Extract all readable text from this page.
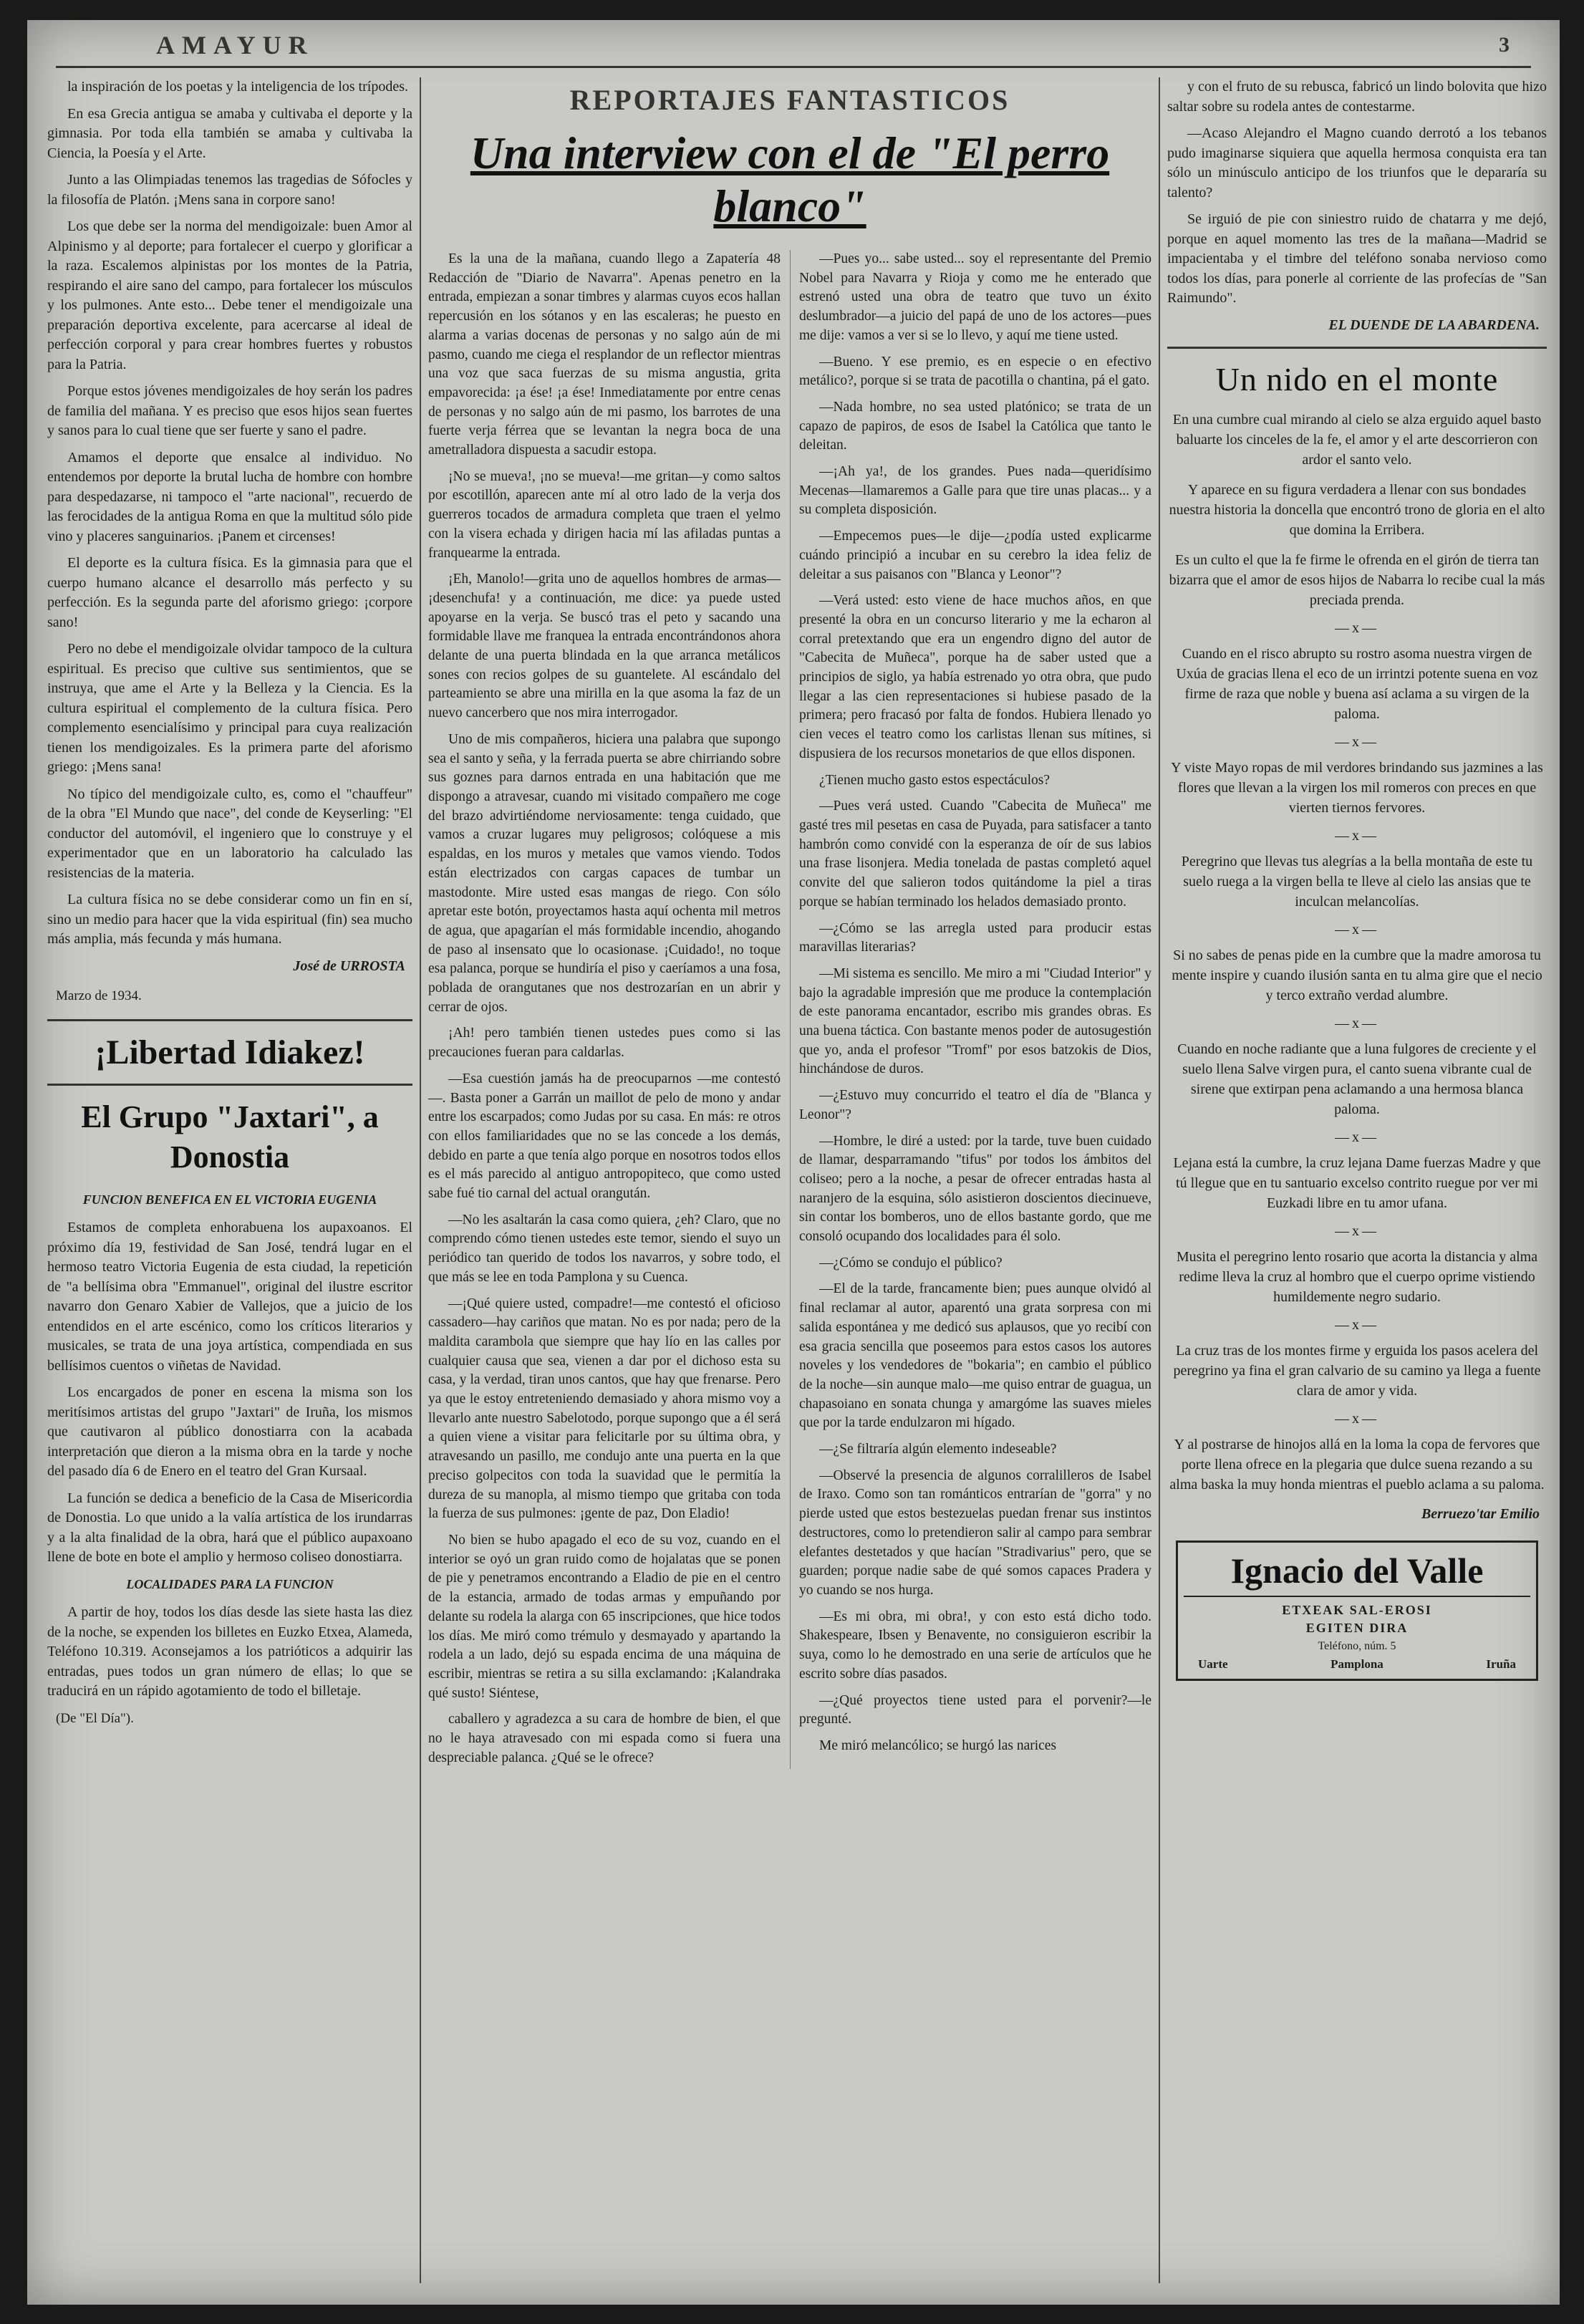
AMAYUR	3

la inspiración de los poetas y la inteligencia de los trípodes.

En esa Grecia antigua se amaba y cultivaba el deporte y la gimnasia. Por toda ella también se amaba y cultivaba la Ciencia, la Poesía y el Arte.

Junto a las Olimpiadas tenemos las tragedias de Sófocles y la filosofía de Platón. ¡Mens sana in corpore sano!

Los que debe ser la norma del mendigoizale: buen Amor al Alpinismo y al deporte; para fortalecer el cuerpo y glorificar a la raza. Escalemos alpinistas por los montes de la Patria, respirando el aire sano del campo, para fortalecer los músculos y los pulmones. Ante esto... Debe tener el mendigoizale una preparación deportiva excelente, para acercarse al ideal de perfección corporal y para crear hombres fuertes y robustos para la Patria.

Porque estos jóvenes mendigoizales de hoy serán los padres de familia del mañana. Y es preciso que esos hijos sean fuertes y sanos para lo cual tiene que ser fuerte y sano el padre.

Amamos el deporte que ensalce al individuo. No entendemos por deporte la brutal lucha de hombre con hombre para despedazarse, ni tampoco el "arte nacional", recuerdo de las ferocidades de la antigua Roma en que la multitud sólo pide vino y placeres sanguinarios. ¡Panem et circenses!

El deporte es la cultura física. Es la gimnasia para que el cuerpo humano alcance el desarrollo más perfecto y su perfección. Es la segunda parte del aforismo griego: ¡corpore sano!

Pero no debe el mendigoizale olvidar tampoco de la cultura espiritual. Es preciso que cultive sus sentimientos, que se instruya, que ame el Arte y la Belleza y la Ciencia. Es la cultura espiritual el complemento de la cultura física. Pero complemento esencialísimo y principal para cuya realización tienen los mendigoizales. Es la primera parte del aforismo griego: ¡Mens sana!

No típico del mendigoizale culto, es, como el "chauffeur" de la obra "El Mundo que nace", del conde de Keyserling: "El conductor del automóvil, el ingeniero que lo construye y el experimentador que en un laboratorio ha calculado las resistencias de la materia.

La cultura física no se debe considerar como un fin en sí, sino un medio para hacer que la vida espiritual (fin) sea mucho más amplia, más fecunda y más humana.

José de URROSTA

Marzo de 1934.

¡Libertad Idiakez!
El Grupo "Jaxtari", a Donostia

FUNCION BENEFICA EN EL VICTORIA EUGENIA

Estamos de completa enhorabuena los aupaxoanos. El próximo día 19, festividad de San José, tendrá lugar en el hermoso teatro Victoria Eugenia de esta ciudad, la repetición de "a bellísima obra "Emmanuel", original del ilustre escritor navarro don Genaro Xabier de Vallejos, que a juicio de los entendidos en el arte escénico, como los críticos literarios y musicales, se trata de una joya artística, compendiada en sus bellísimos cuentos o viñetas de Navidad.

Los encargados de poner en escena la misma son los meritísimos artistas del grupo "Jaxtari" de Iruña, los mismos que cautivaron al público donostiarra con la acabada interpretación que dieron a la misma obra en la tarde y noche del pasado día 6 de Enero en el teatro del Gran Kursaal.

La función se dedica a beneficio de la Casa de Misericordia de Donostia. Lo que unido a la valía artística de los irundarras y a la alta finalidad de la obra, hará que el público aupaxoano llene de bote en bote el amplio y hermoso coliseo donostiarra.

LOCALIDADES PARA LA FUNCION

A partir de hoy, todos los días desde las siete hasta las diez de la noche, se expenden los billetes en Euzko Etxea, Alameda, Teléfono 10.319. Aconsejamos a los patrióticos a adquirir las entradas, pues todos un gran número de ellas; lo que se traducirá en un rápido agotamiento de todo el billetaje.

(De "El Día").

REPORTAJES FANTASTICOS
Una interview con el de "El perro blanco"

Es la una de la mañana, cuando llego a Zapatería 48 Redacción de "Diario de Navarra". Apenas penetro en la entrada, empiezan a sonar timbres y alarmas cuyos ecos hallan repercusión en los sótanos y en las escaleras; he puesto en alarma a varias docenas de personas y no salgo aún de mi pasmo, cuando me ciega el resplandor de un reflector mientras una voz que saca fuerzas de su misma angustia, grita empavorecida: ¡a ése! ¡a ése! Inmediatamente por entre cenas de personas y no salgo aún de mi pasmo, los barrotes de una fuerte verja férrea que se levantan la negra boca de una ametralladora dispuesta a sacudir estopa.

¡No se mueva!, ¡no se mueva!—me gritan—y como saltos por escotillón, aparecen ante mí al otro lado de la verja dos guerreros tocados de armadura completa que traen el yelmo con la visera echada y dirigen hacia mí las afiladas puntas a franquearme la entrada.

¡Eh, Manolo!—grita uno de aquellos hombres de armas—¡desenchufa! y a continuación, me dice: ya puede usted apoyarse en la verja. Se buscó tras el peto y sacando una formidable llave me franquea la entrada encontrándonos ahora delante de una puerta blindada en la que arranca metálicos sones con recios golpes de su guantelete. Al escándalo del parteamiento se abre una mirilla en la que asoma la faz de un nuevo cancerbero que nos mira interrogador.

Uno de mis compañeros, hiciera una palabra que supongo sea el santo y seña, y la ferrada puerta se abre chirriando sobre sus goznes para darnos entrada en una habitación que me dispongo a atravesar, cuando mi visitado compañero me coge del brazo advirtiéndome nerviosamente: tenga cuidado, que vamos a cruzar lugares muy peligrosos; colóquese a mis espaldas, en los muros y metales que vamos viendo. Todos están electrizados con cargas capaces de tumbar un mastodonte. Mire usted esas mangas de riego. Con sólo apretar este botón, proyectamos hasta aquí ochenta mil metros de agua, que apagarían el más formidable incendio, ahogando de paso al insensato que lo ocasionase. ¡Cuidado!, no toque esa palanca, porque se hundiría el piso y caeríamos a una fosa, poblada de orangutanes que nos destrozarían en un abrir y cerrar de ojos.

¡Ah! pero también tienen ustedes pues como si las precauciones fueran para caldarlas.

—Esa cuestión jamás ha de preocuparnos —me contestó—. Basta poner a Garrán un maillot de pelo de mono y andar entre los escarpados; como Judas por su casa. En más: re otros con ellos familiaridades que no se las concede a los demás, debido en parte a que tenía algo porque en nosotros todos ellos es el más parecido al antiguo antropopiteco, que como usted sabe fué tio carnal del actual orangután.

—No les asaltarán la casa como quiera, ¿eh? Claro, que no comprendo cómo tienen ustedes este temor, siendo el suyo un periódico tan querido de todos los navarros, y sobre todo, el que más se lee en toda Pamplona y su Cuenca.

—¡Qué quiere usted, compadre!—me contestó el oficioso cassadero—hay cariños que matan. No es por nada; pero de la maldita carambola que siempre que hay lío en las calles por cualquier causa que sea, vienen a dar por el dichoso esta su casa, y la verdad, tiran unos cantos, que hay que frenarse. Pero ya que le estoy entreteniendo demasiado y ahora mismo voy a llevarlo ante nuestro Sabelotodo, porque supongo que a él será a quien viene a visitar para felicitarle por su última obra, y atravesando un pasillo, me condujo ante una puerta en la que preciso golpecitos con toda la suavidad que le permitía la dureza de su manopla, al mismo tiempo que gritaba con toda la fuerza de sus pulmones: ¡gente de paz, Don Eladio!

No bien se hubo apagado el eco de su voz, cuando en el interior se oyó un gran ruido como de hojalatas que se ponen de pie y penetramos encontrando a Eladio de pie en el centro de la estancia, armado de todas armas y empuñando por delante su rodela la alarga con 65 inscripciones, que hice todos los días. Me miró como trémulo y desmayado y apartando la rodela a un lado, dejó su espada encima de una máquina de escribir, mientras se retira a su silla exclamando: ¡Kalandraka qué susto! Siéntese,

caballero y agradezca a su cara de hombre de bien, el que no le haya atravesado con mi espada como si fuera una despreciable palanca. ¿Qué se le ofrece?

—Pues yo... sabe usted... soy el representante del Premio Nobel para Navarra y Rioja y como me he enterado que estrenó usted una obra de teatro que tuvo un éxito deslumbrador—a juicio del papá de uno de los actores—pues me dije: vamos a ver si se lo llevo, y aquí me tiene usted.

—Bueno. Y ese premio, es en especie o en efectivo metálico?, porque si se trata de pacotilla o chantina, pá el gato.

—Nada hombre, no sea usted platónico; se trata de un capazo de papiros, de esos de Isabel la Católica que tanto le deleitan.

—¡Ah ya!, de los grandes. Pues nada—queridísimo Mecenas—llamaremos a Galle para que tire unas placas... y a su completa disposición.

—Empecemos pues—le dije—¿podía usted explicarme cuándo principió a incubar en su cerebro la idea feliz de deleitar a sus paisanos con "Blanca y Leonor"?

—Verá usted: esto viene de hace muchos años, en que presenté la obra en un concurso literario y me la echaron al corral pretextando que era un engendro digno del autor de "Cabecita de Muñeca", porque ha de saber usted que a principios de siglo, ya había estrenado yo otra obra, que pudo llegar a las cien representaciones si hubiese pasado de la primera; pero fracasó por falta de fondos. Hubiera llenado yo cien veces el teatro como los carlistas llenan sus mítines, si dispusiera de los recursos monetarios de que ellos disponen.

¿Tienen mucho gasto estos espectáculos?

—Pues verá usted. Cuando "Cabecita de Muñeca" me gasté tres mil pesetas en casa de Puyada, para satisfacer a tanto hambrón como convidé con la esperanza de oír de sus labios una frase lisonjera. Media tonelada de pastas completó aquel convite del que salieron todos quitándome la piel a tiras porque se habían terminado los helados demasiado pronto.

—¿Cómo se las arregla usted para producir estas maravillas literarias?

—Mi sistema es sencillo. Me miro a mi "Ciudad Interior" y bajo la agradable impresión que me produce la contemplación de este panorama encantador, escribo mis grandes obras. Es una buena táctica. Con bastante menos poder de autosugestión que yo, anda el profesor "Tromf" por esos batzokis de Dios, hinchándose de duros.

—¿Estuvo muy concurrido el teatro el día de "Blanca y Leonor"?

—Hombre, le diré a usted: por la tarde, tuve buen cuidado de llamar, desparramando "tifus" por todos los ámbitos del coliseo; pero a la noche, a pesar de ofrecer entradas hasta al naranjero de la esquina, sólo asistieron doscientos diecinueve, sin contar los bomberos, uno de ellos bastante gordo, que me consoló ocupando dos localidades para él solo.

—¿Cómo se condujo el público?

—El de la tarde, francamente bien; pues aunque olvidó al final reclamar al autor, aparentó una grata sorpresa con mi salida espontánea y me dedicó sus aplausos, que yo recibí con esa gracia sencilla que poseemos para estos casos los autores noveles y los vendedores de "bokaria"; en cambio el público de la noche—sin aunque malo—me quiso entrar de guagua, un chapasoiano en sonata chunga y amargóme las suaves mieles que por la tarde endulzaron mi hígado.

—¿Se filtraría algún elemento indeseable?

—Observé la presencia de algunos corralilleros de Isabel de Iraxo. Como son tan románticos entrarían de "gorra" y no pierde usted que estos bestezuelas puedan frenar sus instintos destructores, como lo pretendieron salir al campo para sembrar elefantes destetados y que hacían "Stradivarius" pero, que se guarden; porque nadie sabe de qué somos capaces Pradera y yo cuando se nos hurga.

—Es mi obra, mi obra!, y con esto está dicho todo. Shakespeare, Ibsen y Benavente, no consiguieron escribir la suya, como lo he demostrado en una serie de artículos que he escrito sobre días pasados.

—¿Qué proyectos tiene usted para el porvenir?—le pregunté.

Me miró melancólico; se hurgó las narices

y con el fruto de su rebusca, fabricó un lindo bolovita que hizo saltar sobre su rodela antes de contestarme.

—Acaso Alejandro el Magno cuando derrotó a los tebanos pudo imaginarse siquiera que aquella hermosa conquista era tan sólo un minúsculo anticipo de los triunfos que le depararía su talento?

Se irguió de pie con siniestro ruido de chatarra y me dejó, porque en aquel momento las tres de la mañana—Madrid se impacientaba y el timbre del teléfono sonaba nervioso como todos los días, para ponerle al corriente de las profecías de "San Raimundo".

EL DUENDE DE LA ABARDENA.

Un nido en el monte

En una cumbre cual mirando al cielo se alza erguido aquel basto baluarte los cinceles de la fe, el amor y el arte descorrieron con ardor el santo velo.

Y aparece en su figura verdadera a llenar con sus bondades nuestra historia la doncella que encontró trono de gloria en el alto que domina la Erribera.

Es un culto el que la fe firme le ofrenda en el girón de tierra tan bizarra que el amor de esos hijos de Nabarra lo recibe cual la más preciada prenda.

—x—

Cuando en el risco abrupto su rostro asoma nuestra virgen de Uxúa de gracias llena el eco de un irrintzi potente suena en voz firme de raza que noble y buena así aclama a su virgen de la paloma.

—x—

Y viste Mayo ropas de mil verdores brindando sus jazmines a las flores que llevan a la virgen los mil romeros con preces en que vierten tiernos fervores.

—x—

Peregrino que llevas tus alegrías a la bella montaña de este tu suelo ruega a la virgen bella te lleve al cielo las ansias que te inculcan melancolías.

—x—

Si no sabes de penas pide en la cumbre que la madre amorosa tu mente inspire y cuando ilusión santa en tu alma gire que el necio y terco extraño verdad alumbre.

—x—

Cuando en noche radiante que a luna fulgores de creciente y el suelo llena Salve virgen pura, el canto suena vibrante cual de sirene que extirpan pena aclamando a una hermosa blanca paloma.

—x—

Lejana está la cumbre, la cruz lejana Dame fuerzas Madre y que tú llegue que en tu santuario excelso contrito ruegue por ver mi Euzkadi libre en tu amor ufana.

—x—

Musita el peregrino lento rosario que acorta la distancia y alma redime lleva la cruz al hombro que el cuerpo oprime vistiendo humildemente negro sudario.

—x—

La cruz tras de los montes firme y erguida los pasos acelera del peregrino ya fina el gran calvario de su camino ya llega a fuente clara de amor y vida.

—x—

Y al postrarse de hinojos allá en la loma la copa de fervores que porte llena ofrece en la plegaria que dulce suena rezando a su alma baska la muy honda mientras el pueblo aclama a su paloma.

Berruezo'tar Emilio

Ignacio del Valle
ETXEAK SAL-EROSI
EGITEN DIRA
Teléfono, núm. 5
Uarte	Pamplona	Iruña
